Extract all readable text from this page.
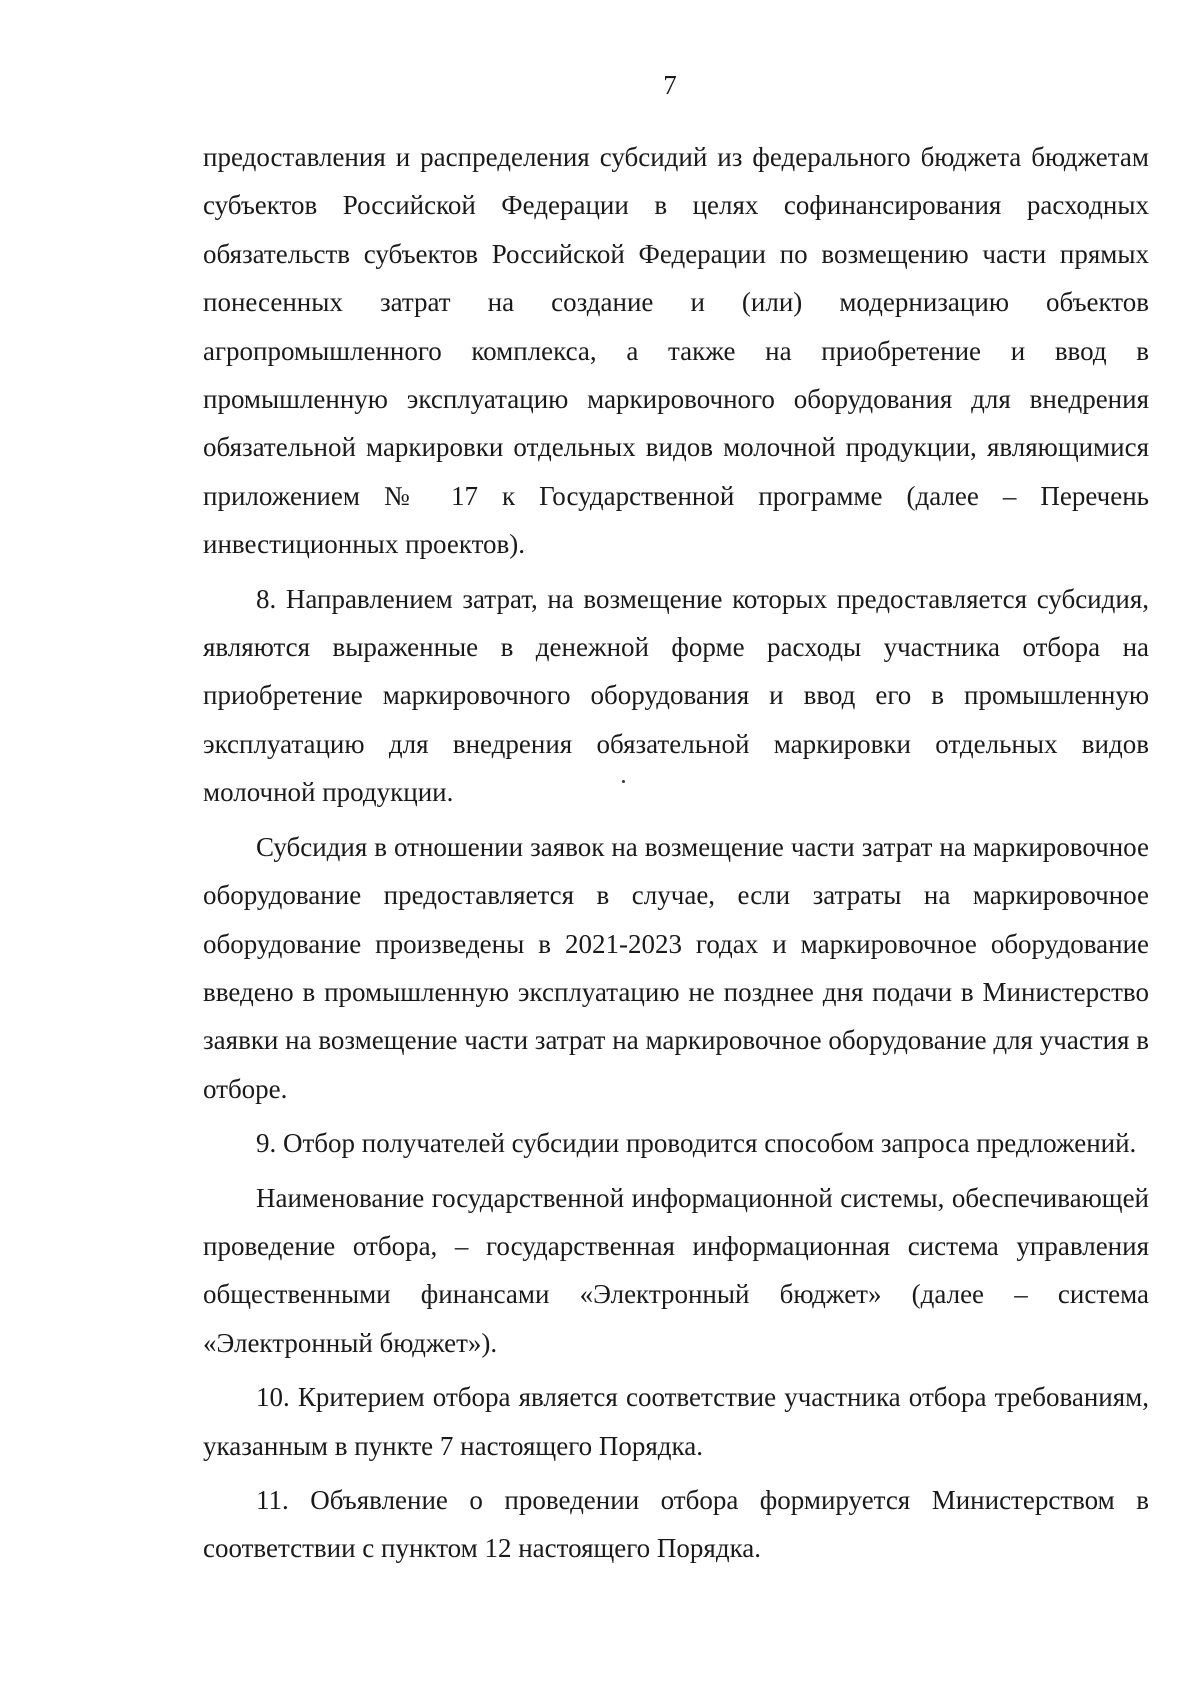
7

предоставления и распределения субсидий из федерального бюджета бюджетам субъектов Российской Федерации в целях софинансирования расходных обязательств субъектов Российской Федерации по возмещению части прямых понесенных затрат на создание и (или) модернизацию объектов агропромышленного комплекса, а также на приобретение и ввод в промышленную эксплуатацию маркировочного оборудования для внедрения обязательной маркировки отдельных видов молочной продукции, являющимися приложением № 17 к Государственной программе (далее – Перечень инвестиционных проектов).

8. Направлением затрат, на возмещение которых предоставляется субсидия, являются выраженные в денежной форме расходы участника отбора на приобретение маркировочного оборудования и ввод его в промышленную эксплуатацию для внедрения обязательной маркировки отдельных видов молочной продукции.

Субсидия в отношении заявок на возмещение части затрат на маркировочное оборудование предоставляется в случае, если затраты на маркировочное оборудование произведены в 2021-2023 годах и маркировочное оборудование введено в промышленную эксплуатацию не позднее дня подачи в Министерство заявки на возмещение части затрат на маркировочное оборудование для участия в отборе.

9. Отбор получателей субсидии проводится способом запроса предложений.

Наименование государственной информационной системы, обеспечивающей проведение отбора, – государственная информационная система управления общественными финансами «Электронный бюджет» (далее – система «Электронный бюджет»).

10. Критерием отбора является соответствие участника отбора требованиям, указанным в пункте 7 настоящего Порядка.

11. Объявление о проведении отбора формируется Министерством в соответствии с пунктом 12 настоящего Порядка.
